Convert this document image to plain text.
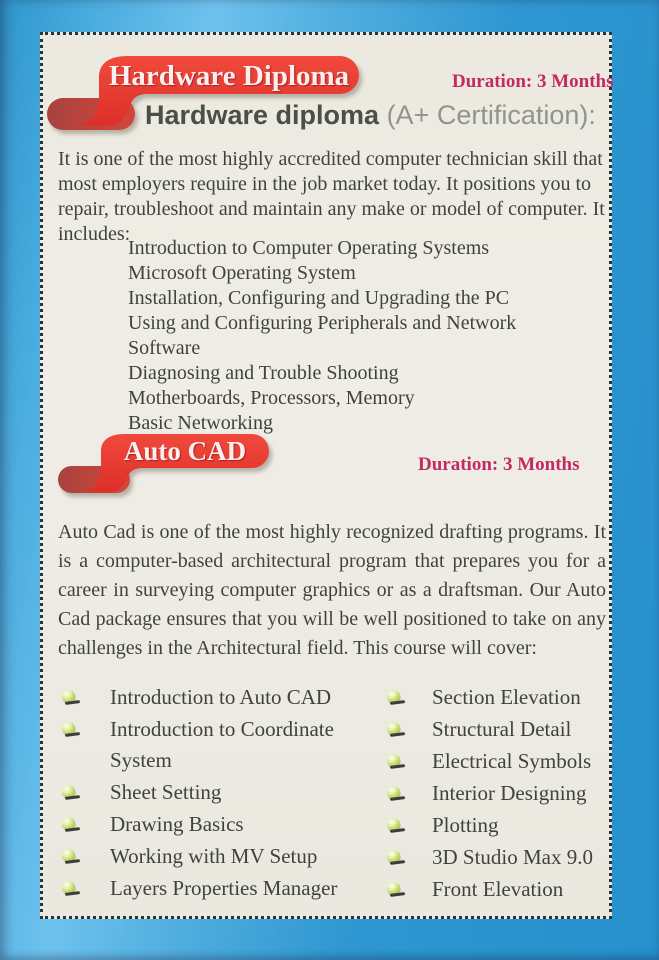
Hardware Diploma	Duration: 3 Months
Hardware diploma (A+ Certification):

It is one of the most highly accredited computer technician skill that most employers require in the job market today. It positions you to repair, troubleshoot and maintain any make or model of computer. It includes:

Introduction to Computer Operating Systems
Microsoft Operating System
Installation, Configuring and Upgrading the PC
Using and Configuring Peripherals and Network Software
Diagnosing and Trouble Shooting
Motherboards, Processors, Memory
Basic Networking
Auto CAD	Duration: 3 Months

Auto Cad is one of the most highly recognized drafting programs. It is a computer-based architectural program that prepares you for a career in surveying computer graphics or as a draftsman. Our Auto Cad package ensures that you will be well positioned to take on any challenges in the Architectural field. This course will cover:

Introduction to Auto CAD
Introduction to Coordinate System
Sheet Setting
Drawing Basics
Working with MV Setup
Layers Properties Manager
Section Elevation
Structural Detail
Electrical Symbols
Interior Designing
Plotting
3D Studio Max 9.0
Front Elevation
